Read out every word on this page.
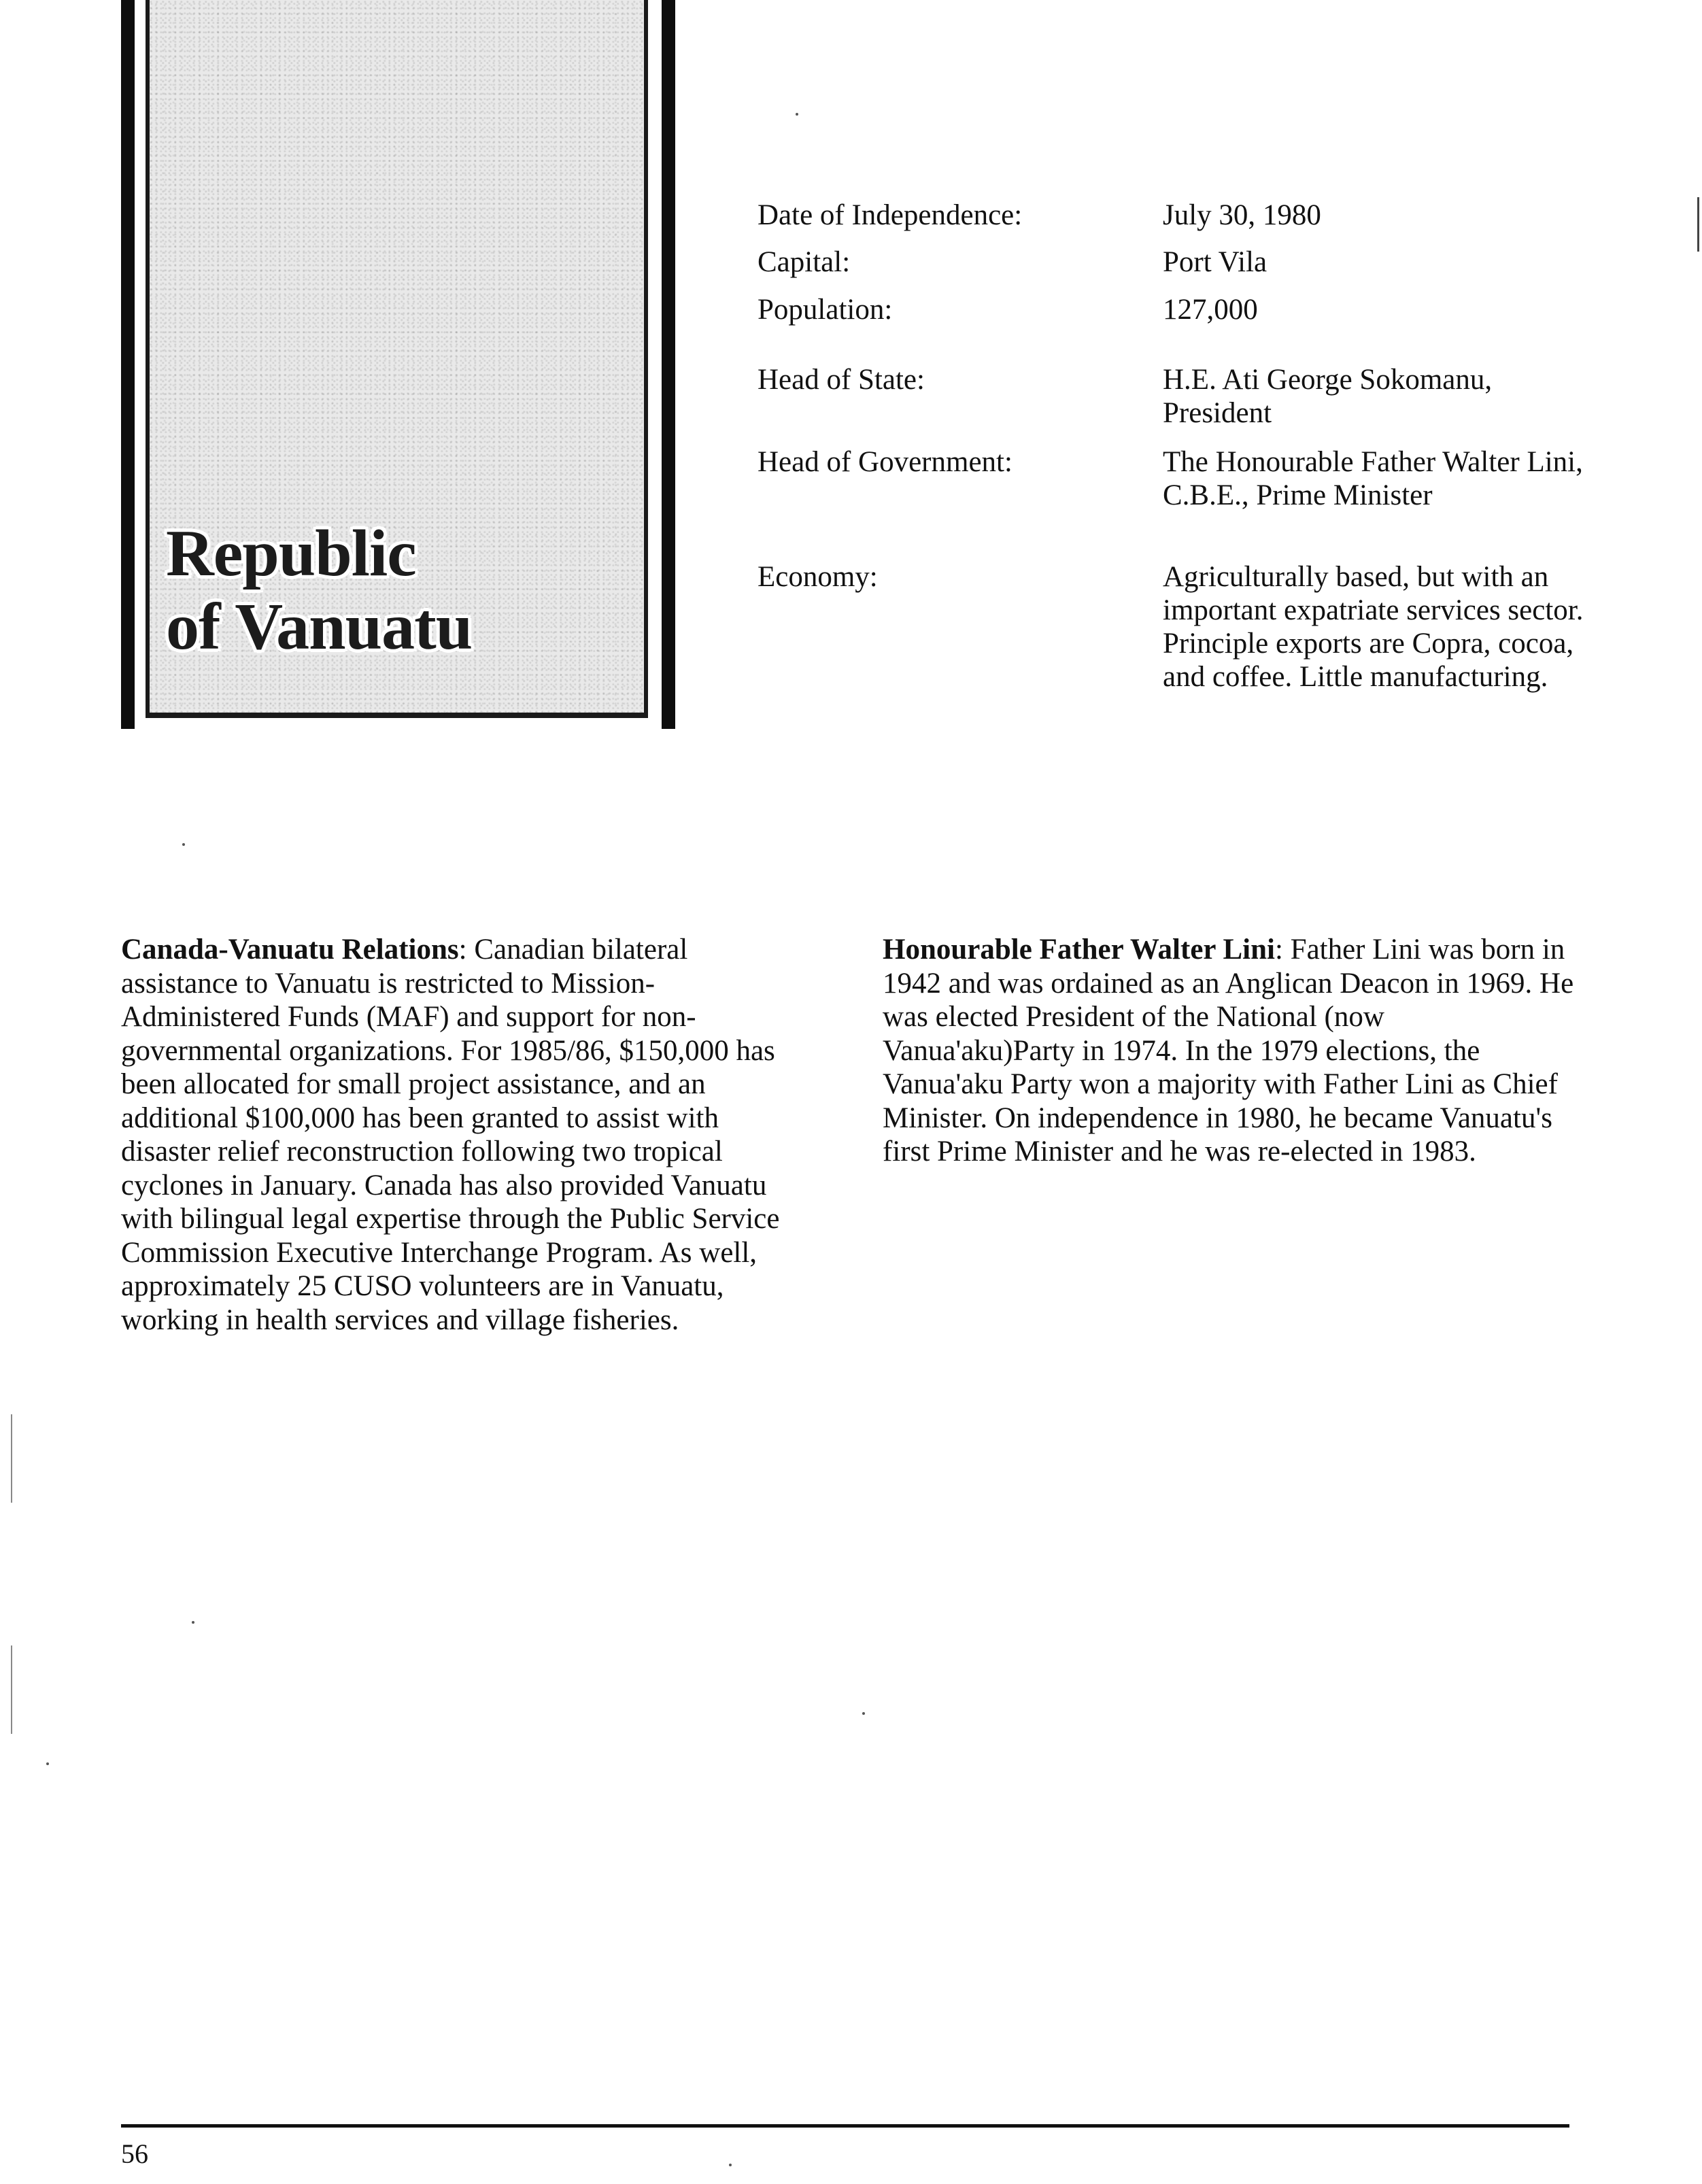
Republic
of Vanuatu
Date of Independence:	July 30, 1980
Capital:	Port Vila
Population:	127,000
Head of State:	H.E. Ati George Sokomanu, President
Head of Government:	The Honourable Father Walter Lini, C.B.E., Prime Minister
Economy:	Agriculturally based, but with an important expatriate services sector. Principle exports are Copra, cocoa, and coffee. Little manufacturing.

Canada-Vanuatu Relations: Canadian bilateral assistance to Vanuatu is restricted to Mission-Administered Funds (MAF) and support for non-governmental organizations. For 1985/86, $150,000 has been allocated for small project assistance, and an additional $100,000 has been granted to assist with disaster relief reconstruction following two tropical cyclones in January. Canada has also provided Vanuatu with bilingual legal expertise through the Public Service Commission Executive Interchange Program. As well, approximately 25 CUSO volunteers are in Vanuatu, working in health services and village fisheries.

Honourable Father Walter Lini: Father Lini was born in 1942 and was ordained as an Anglican Deacon in 1969. He was elected President of the National (now Vanua'aku)Party in 1974. In the 1979 elections, the Vanua'aku Party won a majority with Father Lini as Chief Minister. On independence in 1980, he became Vanuatu's first Prime Minister and he was re-elected in 1983.

56
